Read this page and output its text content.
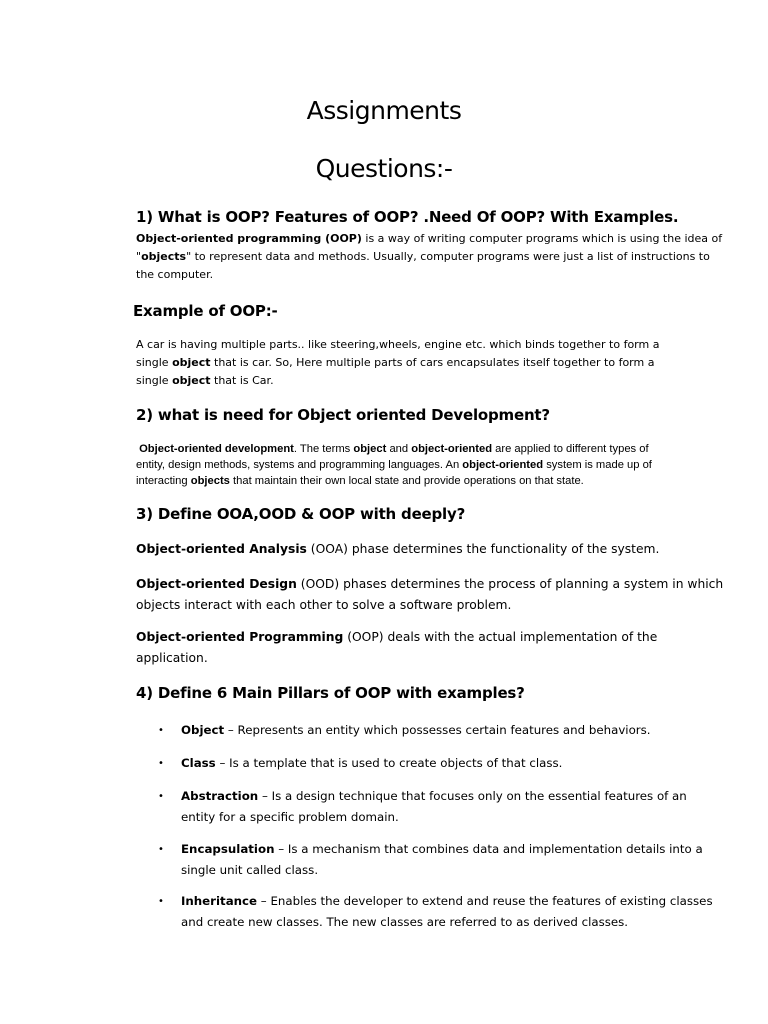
Assignments
Questions:-
1) What is OOP? Features of OOP? .Need Of OOP? With Examples.
Object-oriented programming (OOP) is a way of writing computer programs which is using the idea of
"objects" to represent data and methods. Usually, computer programs were just a list of instructions to
the computer.
Example of OOP:-
A car is having multiple parts.. like steering,wheels, engine etc. which binds together to form a
single object that is car. So, Here multiple parts of cars encapsulates itself together to form a
single object that is Car.
2) what is need for Object oriented Development?
Object-oriented development. The terms object and object-oriented are applied to different types of
entity, design methods, systems and programming languages. An object-oriented system is made up of
interacting objects that maintain their own local state and provide operations on that state.
3) Define OOA,OOD & OOP with deeply?
Object-oriented Analysis (OOA) phase determines the functionality of the system.
Object-oriented Design (OOD) phases determines the process of planning a system in which
objects interact with each other to solve a software problem.
Object-oriented Programming (OOP) deals with the actual implementation of the
application.
4) Define 6 Main Pillars of OOP with examples?
• Object – Represents an entity which possesses certain features and behaviors.
• Class – Is a template that is used to create objects of that class.
• Abstraction – Is a design technique that focuses only on the essential features of an
entity for a specific problem domain.
• Encapsulation – Is a mechanism that combines data and implementation details into a
single unit called class.
• Inheritance – Enables the developer to extend and reuse the features of existing classes
and create new classes. The new classes are referred to as derived classes.
